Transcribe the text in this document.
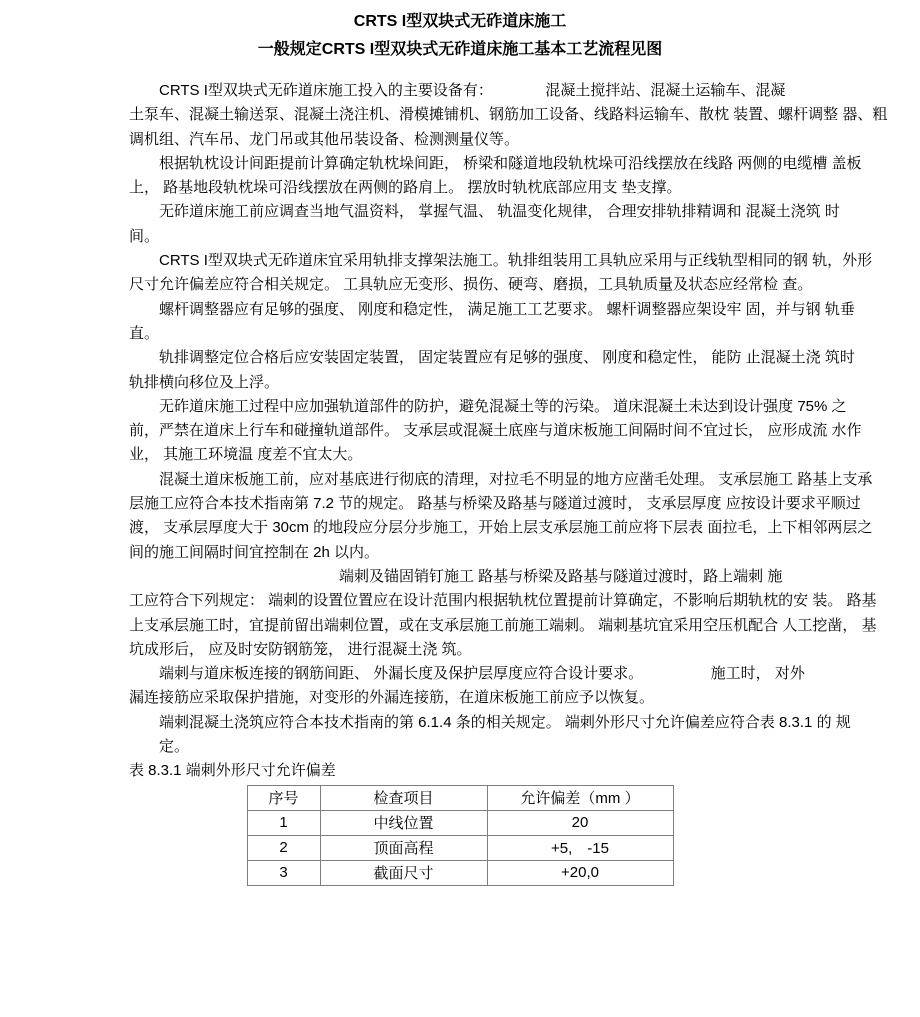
CRTS I型双块式无砟道床施工

一般规定CRTS I型双块式无砟道床施工基本工艺流程见图

　　CRTS I型双块式无砟道床施工投入的主要设备有：　　　　混凝土搅拌站、混凝土运输车、混凝
土泵车、混凝土输送泵、混凝土浇注机、滑模摊铺机、钢筋加工设备、线路料运输车、散枕 装置、螺杆调整 器、粗
调机组、汽车吊、龙门吊或其他吊装设备、检测测量仪等。
　　根据轨枕设计间距提前计算确定轨枕垛间距， 桥梁和隧道地段轨枕垛可沿线摆放在线路 两侧的电缆槽 盖板
上， 路基地段轨枕垛可沿线摆放在两侧的路肩上。 摆放时轨枕底部应用支 垫支撑。
　　无砟道床施工前应调查当地气温资料， 掌握气温、 轨温变化规律， 合理安排轨排精调和 混凝土浇筑 时
间。
　　CRTS I型双块式无砟道床宜采用轨排支撑架法施工。轨排组装用工具轨应采用与正线轨型相同的钢 轨，外形
尺寸允许偏差应符合相关规定。 工具轨应无变形、损伤、硬弯、磨损，工具轨质量及状态应经常检 查。
　　螺杆调整器应有足够的强度、 刚度和稳定性， 满足施工工艺要求。 螺杆调整器应架设牢 固，并与钢 轨垂
直。
　　轨排调整定位合格后应安装固定装置， 固定装置应有足够的强度、 刚度和稳定性， 能防 止混凝土浇 筑时
轨排横向移位及上浮。
　　无砟道床施工过程中应加强轨道部件的防护，避免混凝土等的污染。 道床混凝土未达到设计强度 75% 之
前，严禁在道床上行车和碰撞轨道部件。 支承层或混凝土底座与道床板施工间隔时间不宜过长， 应形成流 水作
业， 其施工环境温 度差不宜太大。
　　混凝土道床板施工前，应对基底进行彻底的清理，对拉毛不明显的地方应凿毛处理。 支承层施工 路基上支承
层施工应符合本技术指南第 7.2 节的规定。 路基与桥梁及路基与隧道过渡时， 支承层厚度 应按设计要求平顺过
渡， 支承层厚度大于 30cm 的地段应分层分步施工，开始上层支承层施工前应将下层表 面拉毛，上下相邻两层之
间的施工间隔时间宜控制在 2h 以内。
　　　　　　　　　　　　　　端刺及锚固销钉施工 路基与桥梁及路基与隧道过渡时，路上端刺 施
工应符合下列规定： 端刺的设置位置应在设计范围内根据轨枕位置提前计算确定，不影响后期轨枕的安 装。 路基
上支承层施工时，宜提前留出端刺位置，或在支承层施工前施工端刺。 端刺基坑宜采用空压机配合 人工挖凿， 基
坑成形后， 应及时安防钢筋笼， 进行混凝土浇 筑。
　　端刺与道床板连接的钢筋间距、 外漏长度及保护层厚度应符合设计要求。　　　　　施工时， 对外
漏连接筋应采取保护措施，对变形的外漏连接筋，在道床板施工前应予以恢复。
　　端刺混凝土浇筑应符合本技术指南的第 6.1.4 条的相关规定。 端刺外形尺寸允许偏差应符合表 8.3.1 的 规
　　定。
表 8.3.1 端刺外形尺寸允许偏差
序号	检查项目	允许偏差（mm ）
1	中线位置	20
2	顶面高程	+5,　-15
3	截面尺寸	+20,0
